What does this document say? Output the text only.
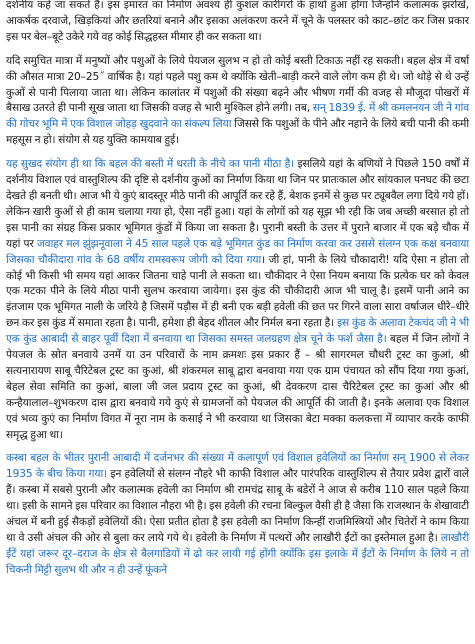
दर्शनीय कहे जा सकते हैं। इस इमारत का निर्माण अवश्य ही कुशल कारीगरों के हाथों हुआ होगा जिन्होंने कलात्मक झरोखे, आकर्षक दरवाजे, खिड़कियां और छतरियां बनाने और इसका अलंकरण करने में चूने के पलस्तर को काट–छांट कर जिस प्रकार इस पर बेल–बूटे उकेरे गये वह कोई सिद्धहस्त मीमार ही कर सकता था।

यदि समुचित मात्रा में मनुष्यों और पशुओं के लिये पेयजल सुलभ न हो तो कोई बस्ती टिकाऊ नहीं रह सकती। बहल क्षेत्र में वर्षा की औसत मात्रा 20–25˝ वार्षिक है। यहां पहले पशु कम थे क्योंकि खेती–बाड़ी करने वाले लोग कम ही थे। जो थोड़े से थे उन्हें कुओं से पानी पिलाया जाता था। लेकिन कालांतर में पशुओं की संख्या बढ़ने और भीषण गर्मी की वजह से मौजूदा पोखरों में बैसाख उतरते ही पानी सूख जाता था जिसकी वजह से भारी मुश्किल होने लगी। तब, सन् 1839 ई. में श्री कमलनयन जी ने गांव की गोचर भूमि में एक विशाल जोहड़ खुदवाने का संकल्प लिया जिससे कि पशुओं के पीने और नहाने के लिये बची पानी की कमी महसूस न हो। संयोग से यह युक्ति कामयाब हुई।

यह सुखद संयोग ही था कि बहल की बस्ती में धरती के नीचे का पानी मीठा है। इसलिये यहां के बणियों ने पिछले 150 वर्षों में दर्शनीय विशाल एवं वास्तुशिल्प की दृष्टि से दर्शनीय कुओं का निर्माण किया था जिन पर प्रातःकाल और सांयकाल पनघट की छटा देखते ही बनती थी। आज भी ये कुएं बादस्तूर मीठे पानी की आपूर्ति कर रहे हैं, बेशक इनमें से कुछ पर ट्यूबवैल लगा दिये गये हों। लेकिन खारी कुओं से ही काम चलाया गया हो, ऐसा नहीं हुआ। यहां के लोगों को यह सूझ भी रही कि जब अच्छी बरसात हो तो इस पानी का संग्रह किस प्रकार भूमिगत कुंडों में किया जा सकता है। पुरानी बस्ती के उत्तर में पुराने बाजार में एक बड़े चौक में यहां पर जवाहर मल झुंझनूवाला ने 45 साल पहले एक बड़े भूमिगत कुंड का निर्माण करवा कर उससे संलग्न एक कक्ष बनवाया जिसका चौकीदारा गांव के 68 वर्षीय रामस्वरूप जोगी को दिया गया। जी हां, पानी के लिये चौकादारी! यदि ऐसा न होता तो कोई भी किसी भी समय यहां आकर जितना चाहे पानी ले सकता था। चौकीदार ने ऐसा नियम बनाया कि प्रत्येक घर को केवल एक मटका पीने के लिये मीठा पानी सुलभ करवाया जायेगा। इस कुंड की चौकीदारी आज भी चालू है। इसमें पानी आने का इंतजाम एक भूमिगत नाली के जरिये है जिसमें पड़ौस में ही बनी एक बड़ी हवेली की छत पर गिरने वाला सारा वर्षाजल धीरे–धीरे छन कर इस कुंड में समाता रहता है। पानी, हमेशा ही बेहद शीतल और निर्मल बना रहता है। इस कुंड के अलावा टेकचंद जी ने भी एक कुंड आबादी से बाहर पूर्वी दिशा में बनवाया था जिसका समस्त जलग्रहण क्षेत्र चूने के फर्श जैसा है। बहल में जिन लोगों ने पेयजल के स्रोत बनवाये उनमें या उन परिवारों के नाम क्रमशः इस प्रकार हैं – श्री सागरमल चौधरी ट्रस्ट का कुआं, श्री सत्यनारायण साबू चैरिटेबल ट्रस्ट का कुआं, श्री शंकरमल साबू द्वारा बनवाया गया एक ग्राम पंचायत को सौंप दिया गया कुआं, बेहल सेवा समिति का कुआं, बाला जी जल प्रदाय ट्रस्ट का कुआं, श्री देवकरण दास चैरिटेबल ट्रस्ट का कुआं और श्री कन्हैयालाल–शुभकरण दास द्वारा बनवाये गये कुएं से ग्रामजनों को पेयजल की आपूर्ति की जाती है। इनके अलावा एक विशाल एवं भव्य कुएं का निर्माण विगत में नूरा नाम के कसाई ने भी करवाया था जिसका बेटा मक्का कलकत्ता में व्यापार करके काफी समृद्ध हुआ था।

कस्बा बहल के भीतर पुरानी आबादी में दर्जनभर की संख्या में कलापूर्ण एवं विशाल हवेलियों का निर्माण सन् 1900 से लेकर 1935 के बीच किया गया। इन हवेलियों से संलग्न नौहरे भी काफी विशाल और पारंपरिक वास्तुशिल्प से तैयार प्रवेश द्वारों वाले हैं। कस्बा में सबसे पुरानी और कलात्मक हवेली का निर्माण श्री रामचंद्र साबू के बडेरों ने आज से करीब 110 साल पहले किया था। इसी के सामने इस परिवार का विशाल नौहरा भी है। इस हवेली की रचना बिल्कुल वैसी ही है जैसा कि राजस्थान के शेखावाटी अंचल में बनी हुई सैकड़ों हवेलियों की। ऐसा प्रतीत होता है इस हवेली का निर्माण किन्हीं राजमिस्त्रियों और चितेरों ने काम किया था वे उसी अंचल की ओर से बुला कर लाये गये थे। हवेली के निर्माण में पत्थरों और लाखौरी ईंटों का इस्तेमाल हुआ है। लाखौरी ईंटें यहां जरूर दूर–दराज के क्षेत्र से बैलगाडियों में ढो कर लायी गई होंगी क्योंकि इस इलाके में ईंटों के निर्माण के लिये न तो चिकनी मिट्टी सुलभ थी और न ही उन्हें फूंकने
